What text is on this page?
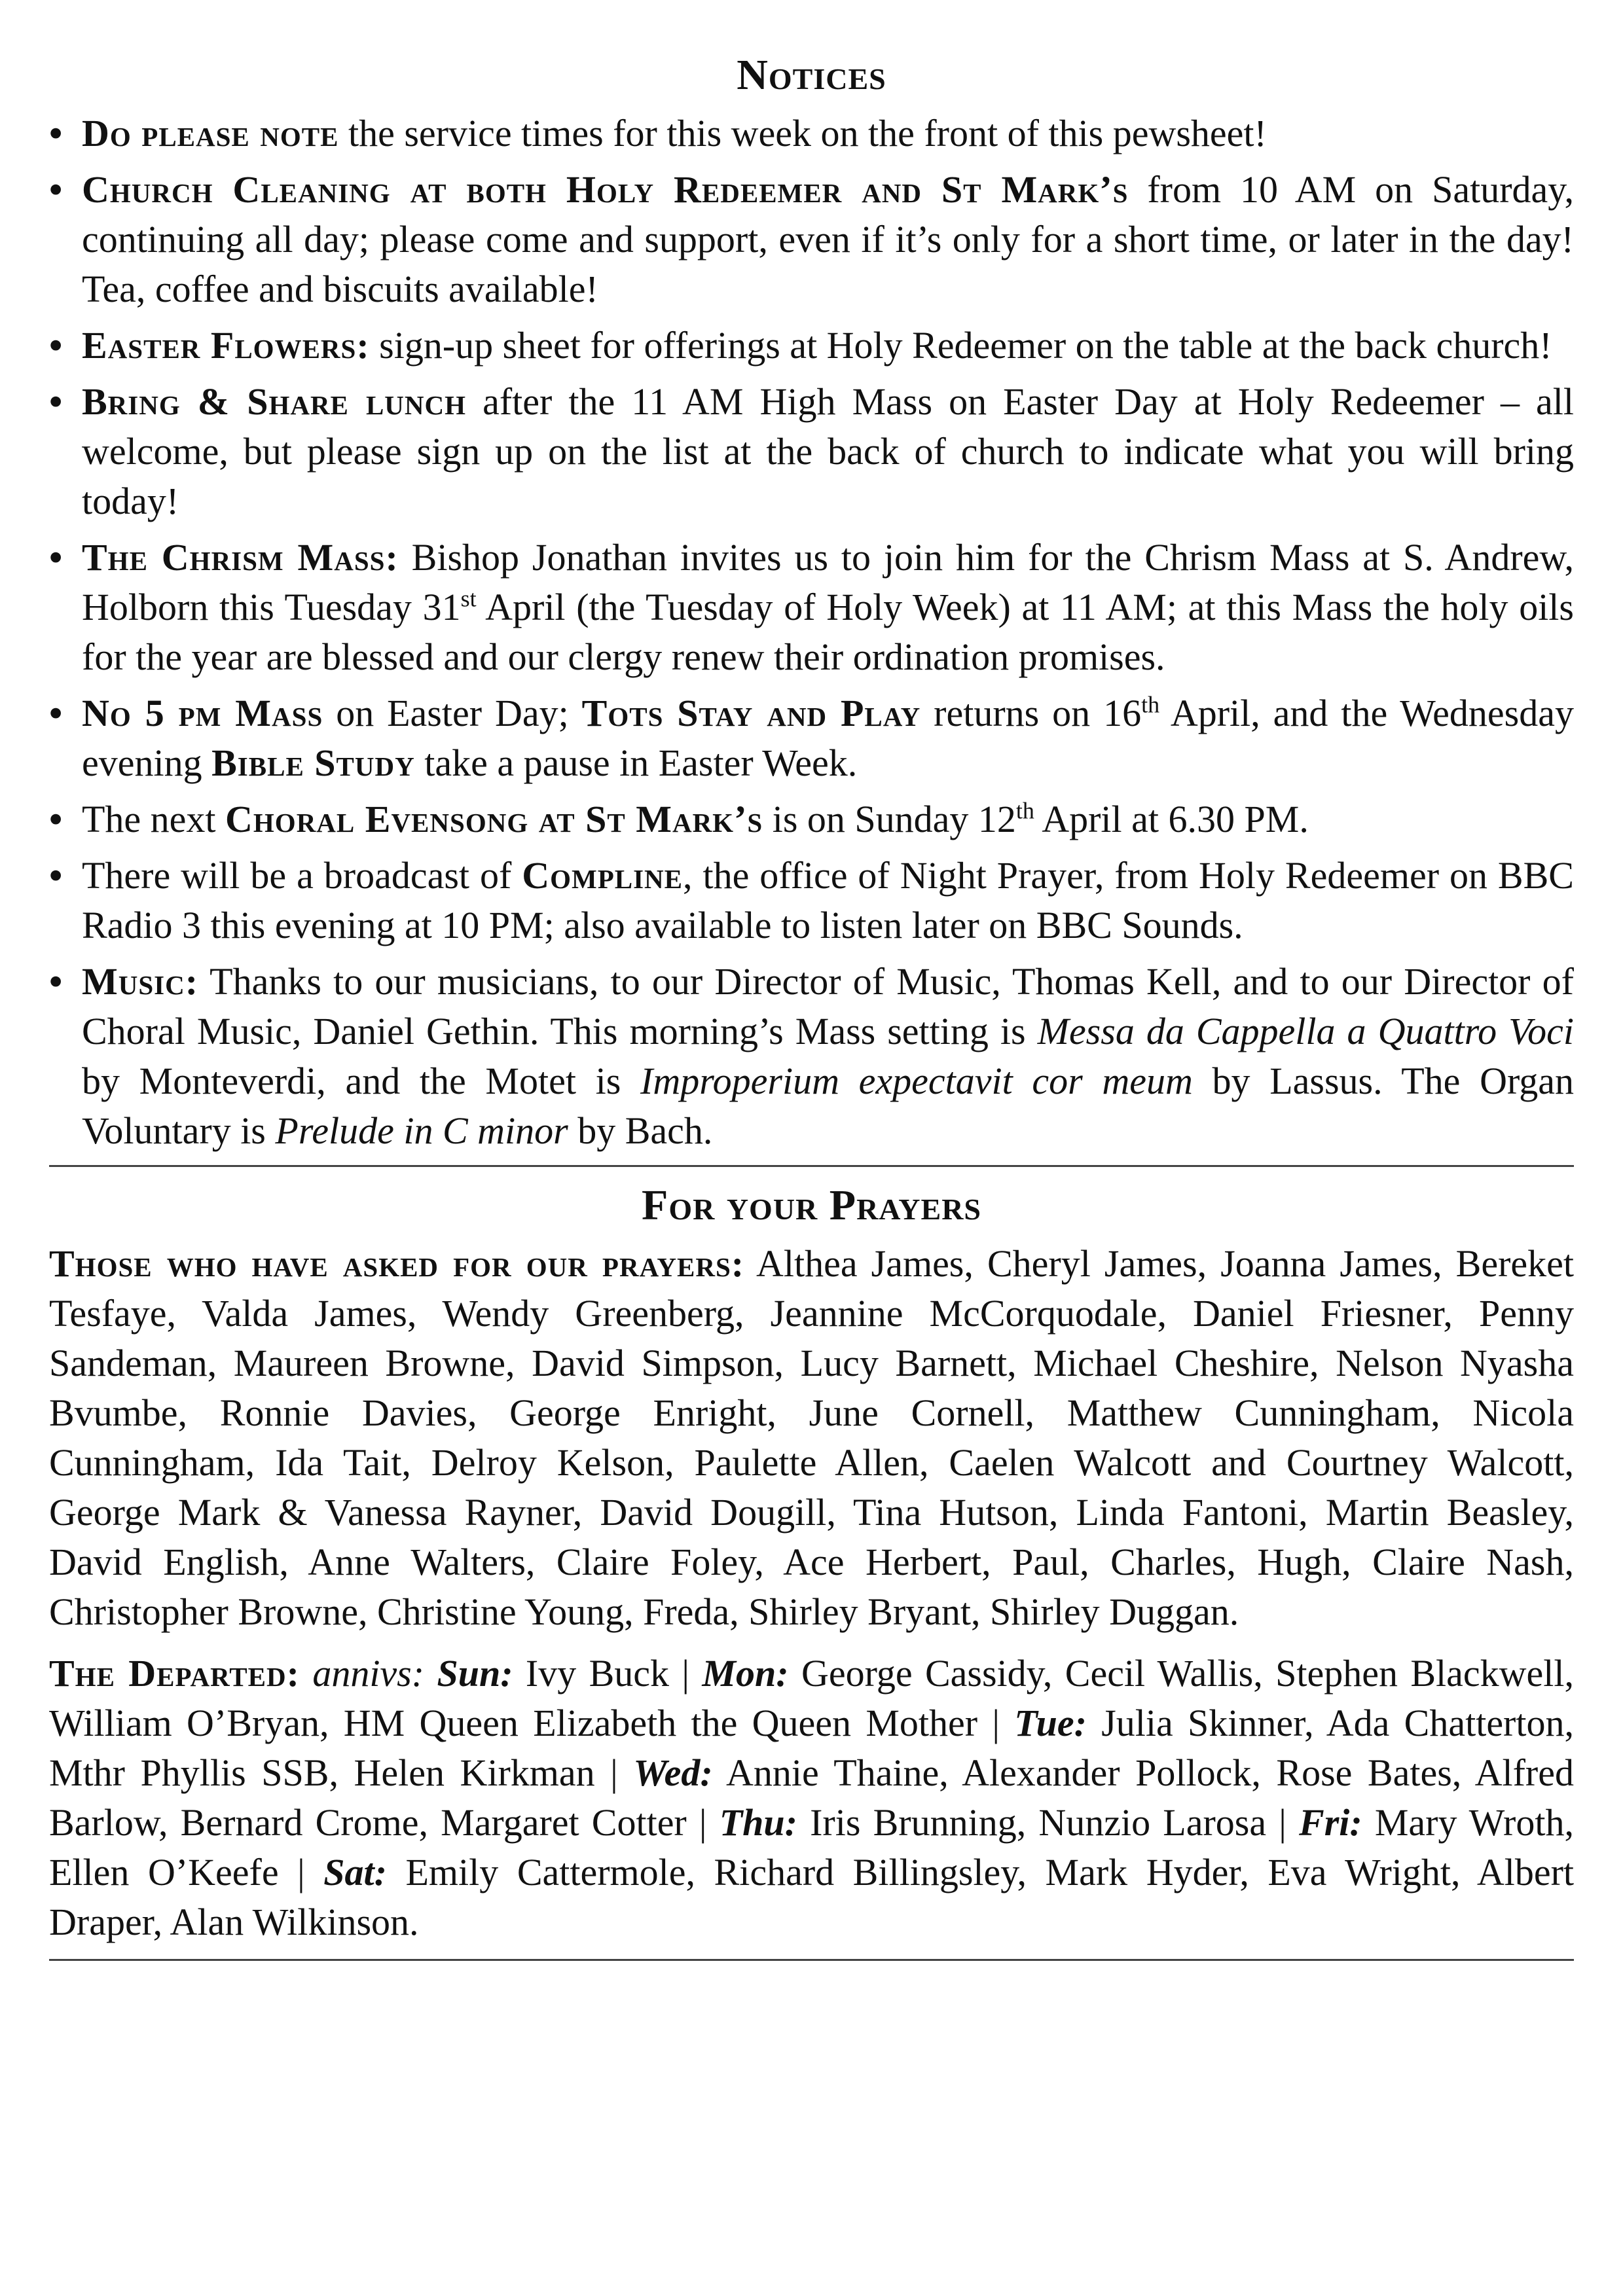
Notices
• Do please note the service times for this week on the front of this pewsheet!
• Church Cleaning at both Holy Redeemer and St Mark’s from 10 AM on Saturday, continuing all day; please come and support, even if it’s only for a short time, or later in the day! Tea, coffee and biscuits available!
• Easter Flowers: sign-up sheet for offerings at Holy Redeemer on the table at the back church!
• Bring & Share lunch after the 11 AM High Mass on Easter Day at Holy Redeemer – all welcome, but please sign up on the list at the back of church to indicate what you will bring today!
• The Chrism Mass: Bishop Jonathan invites us to join him for the Chrism Mass at S. Andrew, Holborn this Tuesday 31st April (the Tuesday of Holy Week) at 11 AM; at this Mass the holy oils for the year are blessed and our clergy renew their ordination promises.
• No 5 pm Mass on Easter Day; Tots Stay and Play returns on 16th April, and the Wednesday evening Bible Study take a pause in Easter Week.
• The next Choral Evensong at St Mark’s is on Sunday 12th April at 6.30 PM.
• There will be a broadcast of Compline, the office of Night Prayer, from Holy Redeemer on BBC Radio 3 this evening at 10 PM; also available to listen later on BBC Sounds.
• Music: Thanks to our musicians, to our Director of Music, Thomas Kell, and to our Director of Choral Music, Daniel Gethin. This morning’s Mass setting is Messa da Cappella a Quattro Voci by Monteverdi, and the Motet is Improperium expectavit cor meum by Lassus. The Organ Voluntary is Prelude in C minor by Bach.
For your Prayers

Those who have asked for our prayers: Althea James, Cheryl James, Joanna James, Bereket Tesfaye, Valda James, Wendy Greenberg, Jeannine McCorquodale, Daniel Friesner, Penny Sandeman, Maureen Browne, David Simpson, Lucy Barnett, Michael Cheshire, Nelson Nyasha Bvumbe, Ronnie Davies, George Enright, June Cornell, Matthew Cunningham, Nicola Cunningham, Ida Tait, Delroy Kelson, Paulette Allen, Caelen Walcott and Courtney Walcott, George Mark & Vanessa Rayner, David Dougill, Tina Hutson, Linda Fantoni, Martin Beasley, David English, Anne Walters, Claire Foley, Ace Herbert, Paul, Charles, Hugh, Claire Nash, Christopher Browne, Christine Young, Freda, Shirley Bryant, Shirley Duggan.

The Departed: annivs: Sun: Ivy Buck | Mon: George Cassidy, Cecil Wallis, Stephen Blackwell, William O’Bryan, HM Queen Elizabeth the Queen Mother | Tue: Julia Skinner, Ada Chatterton, Mthr Phyllis SSB, Helen Kirkman | Wed: Annie Thaine, Alexander Pollock, Rose Bates, Alfred Barlow, Bernard Crome, Margaret Cotter | Thu: Iris Brunning, Nunzio Larosa | Fri: Mary Wroth, Ellen O’Keefe | Sat: Emily Cattermole, Richard Billingsley, Mark Hyder, Eva Wright, Albert Draper, Alan Wilkinson.
